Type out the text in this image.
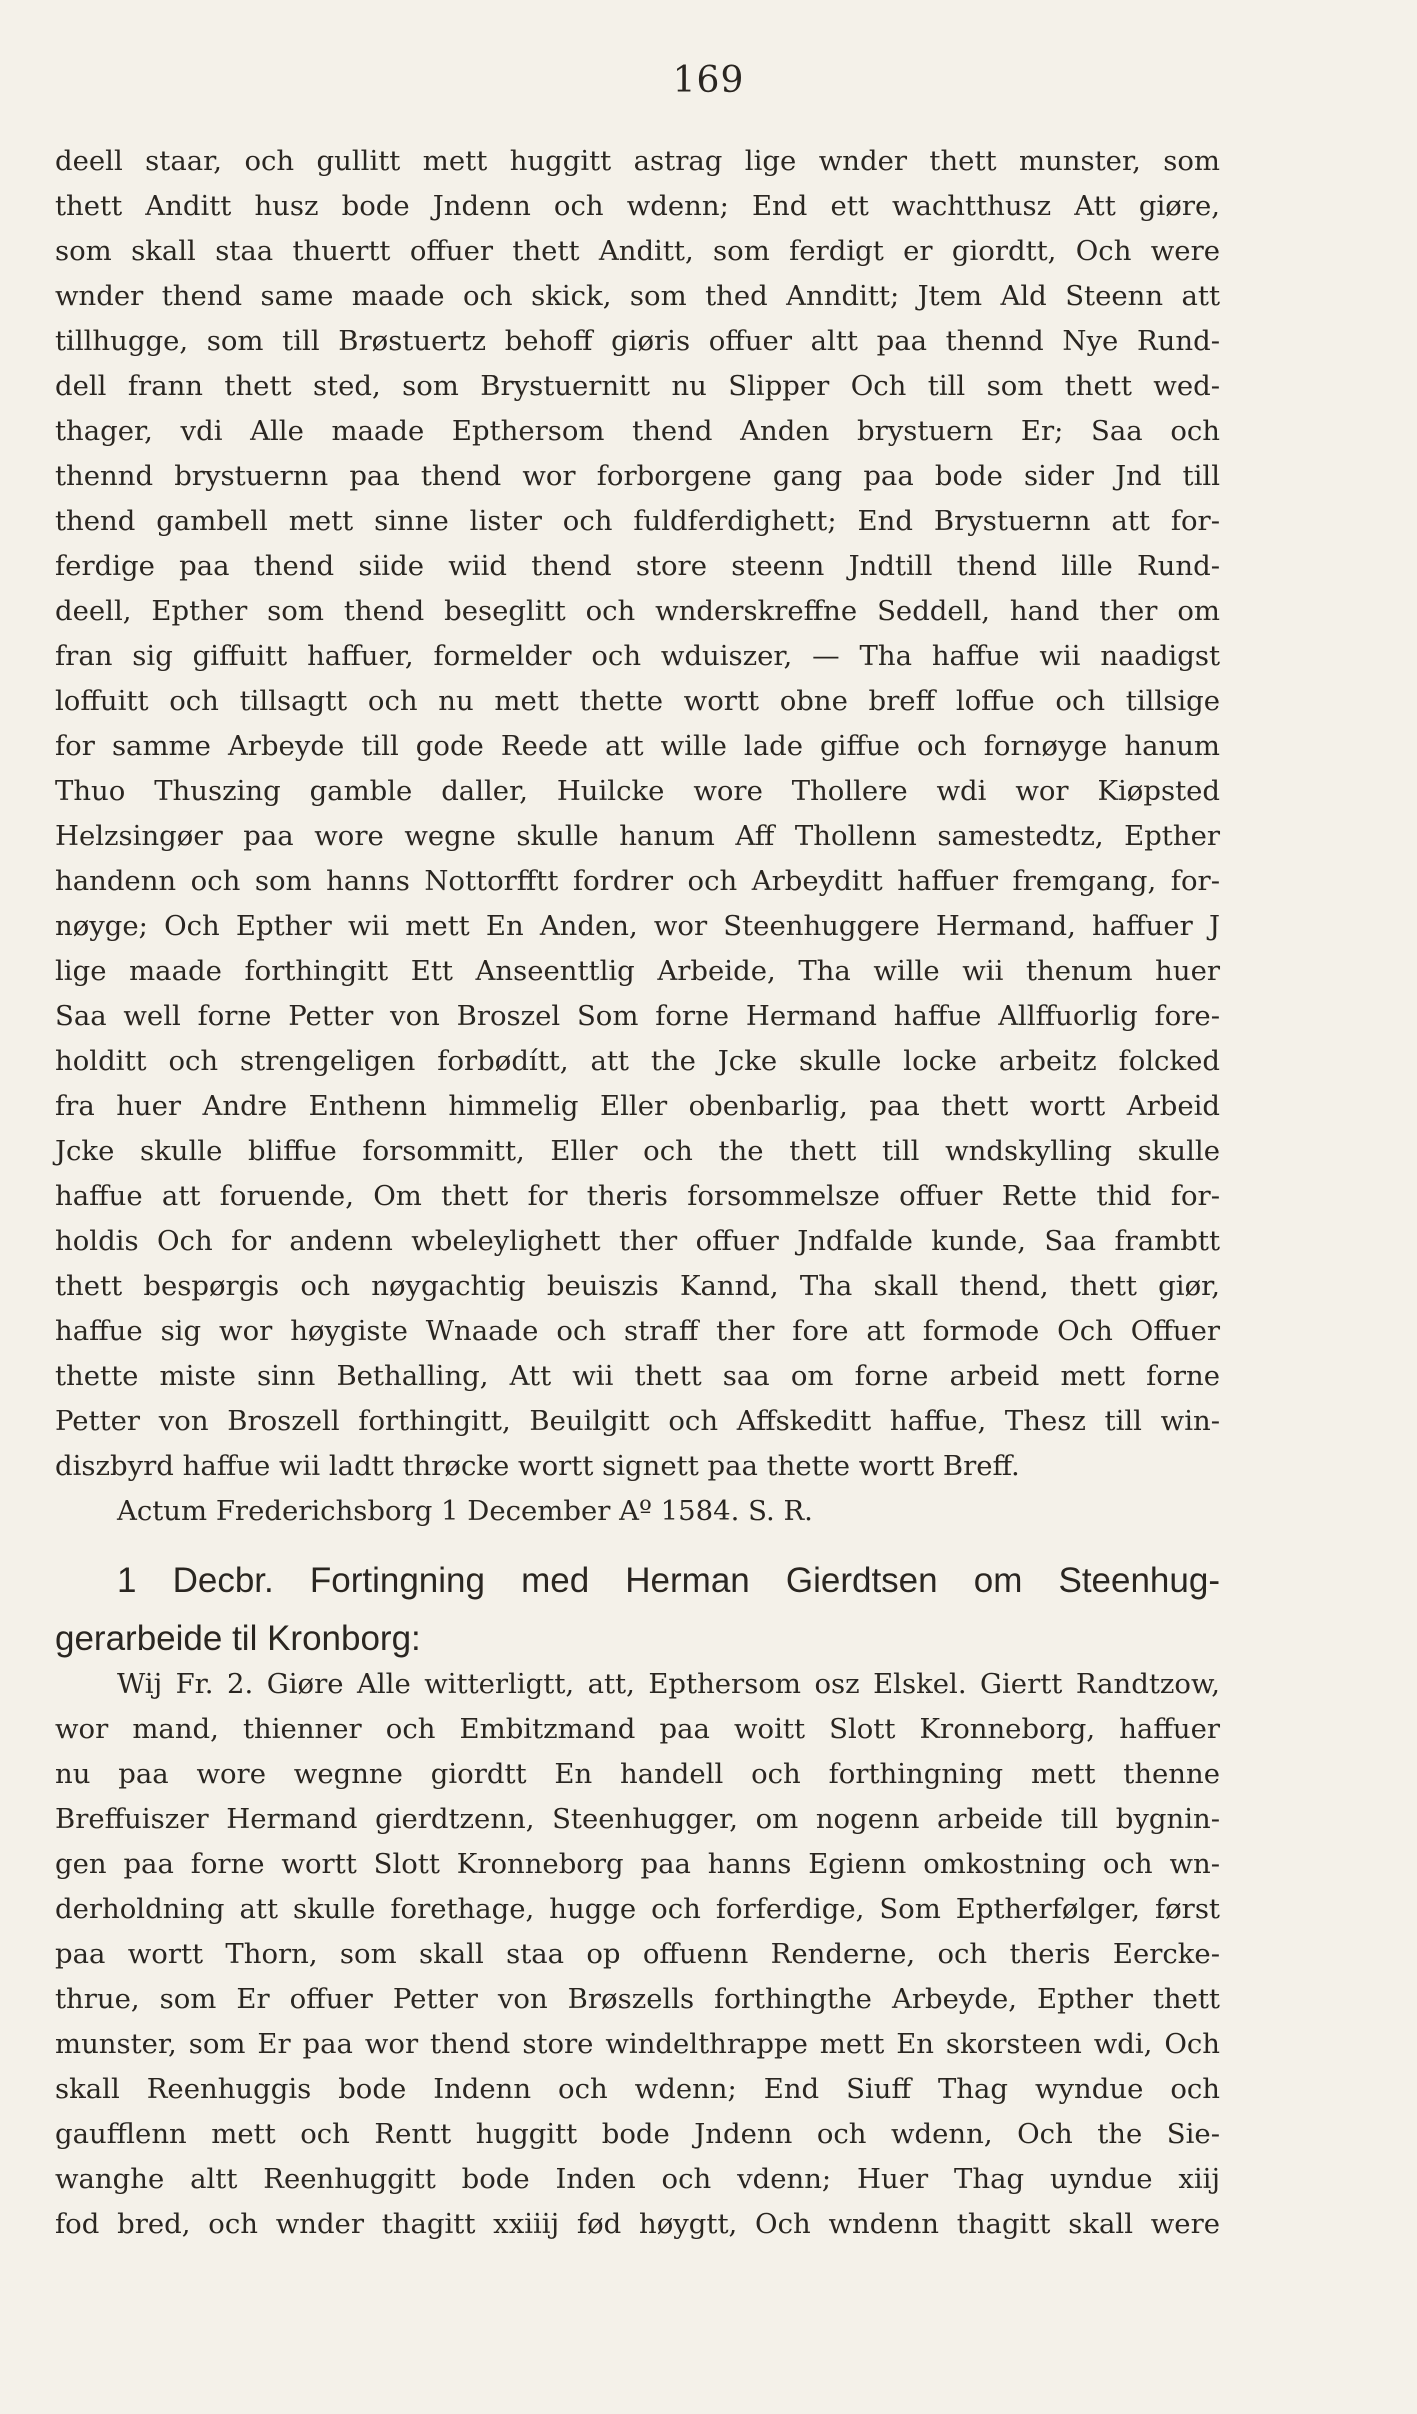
169
deell staar, och gullitt mett huggitt astrag lige wnder thett munster, som
thett Anditt husz bode Jndenn och wdenn; End ett wachtthusz Att giøre,
som skall staa thuertt offuer thett Anditt, som ferdigt er giordtt, Och were
wnder thend same maade och skick, som thed Annditt; Jtem Ald Steenn att
tillhugge, som till Brøstuertz behoff giøris offuer altt paa thennd Nye Rund-
dell frann thett sted, som Brystuernitt nu Slipper Och till som thett wed-
thager, vdi Alle maade Epthersom thend Anden brystuern Er; Saa och
thennd brystuernn paa thend wor forborgene gang paa bode sider Jnd till
thend gambell mett sinne lister och fuldferdighett; End Brystuernn att for-
ferdige paa thend siide wiid thend store steenn Jndtill thend lille Rund-
deell, Epther som thend beseglitt och wnderskreffne Seddell, hand ther om
fran sig giffuitt haffuer, formelder och wduiszer, — Tha haffue wii naadigst
loffuitt och tillsagtt och nu mett thette wortt obne breff loffue och tillsige
for samme Arbeyde till gode Reede att wille lade giffue och fornøyge hanum
Thuo Thuszing gamble daller, Huilcke wore Thollere wdi wor Kiøpsted
Helzsingøer paa wore wegne skulle hanum Aff Thollenn samestedtz, Epther
handenn och som hanns Nottorfftt fordrer och Arbeyditt haffuer fremgang, for-
nøyge; Och Epther wii mett En Anden, wor Steenhuggere Hermand, haffuer J
lige maade forthingitt Ett Anseenttlig Arbeide, Tha wille wii thenum huer
Saa well forne Petter von Broszel Som forne Hermand haffue Allffuorlig fore-
holditt och strengeligen forbødítt, att the Jcke skulle locke arbeitz folcked
fra huer Andre Enthenn himmelig Eller obenbarlig, paa thett wortt Arbeid
Jcke skulle bliffue forsommitt, Eller och the thett till wndskylling skulle
haffue att foruende, Om thett for theris forsommelsze offuer Rette thid for-
holdis Och for andenn wbeleylighett ther offuer Jndfalde kunde, Saa frambtt
thett bespørgis och nøygachtig beuiszis Kannd, Tha skall thend, thett giør,
haffue sig wor høygiste Wnaade och straff ther fore att formode Och Offuer
thette miste sinn Bethalling, Att wii thett saa om forne arbeid mett forne
Petter von Broszell forthingitt, Beuilgitt och Affskeditt haffue, Thesz till win-
diszbyrd haffue wii ladtt thrøcke wortt signett paa thette wortt Breff.
Actum Frederichsborg 1 December Aº 1584. S. R.
1 Decbr. Fortingning med Herman Gierdtsen om Steenhug-
gerarbeide til Kronborg:
Wij Fr. 2. Giøre Alle witterligtt, att, Epthersom osz Elskel. Giertt Randtzow,
wor mand, thienner och Embitzmand paa woitt Slott Kronneborg, haffuer
nu paa wore wegnne giordtt En handell och forthingning mett thenne
Breffuiszer Hermand gierdtzenn, Steenhugger, om nogenn arbeide till bygnin-
gen paa forne wortt Slott Kronneborg paa hanns Egienn omkostning och wn-
derholdning att skulle forethage, hugge och forferdige, Som Eptherfølger, først
paa wortt Thorn, som skall staa op offuenn Renderne, och theris Eercke-
thrue, som Er offuer Petter von Brøszells forthingthe Arbeyde, Epther thett
munster, som Er paa wor thend store windelthrappe mett En skorsteen wdi, Och
skall Reenhuggis bode Indenn och wdenn; End Siuff Thag wyndue och
gaufflenn mett och Rentt huggitt bode Jndenn och wdenn, Och the Sie-
wanghe altt Reenhuggitt bode Inden och vdenn; Huer Thag uyndue xiij
fod bred, och wnder thagitt xxiiij fød høygtt, Och wndenn thagitt skall were
